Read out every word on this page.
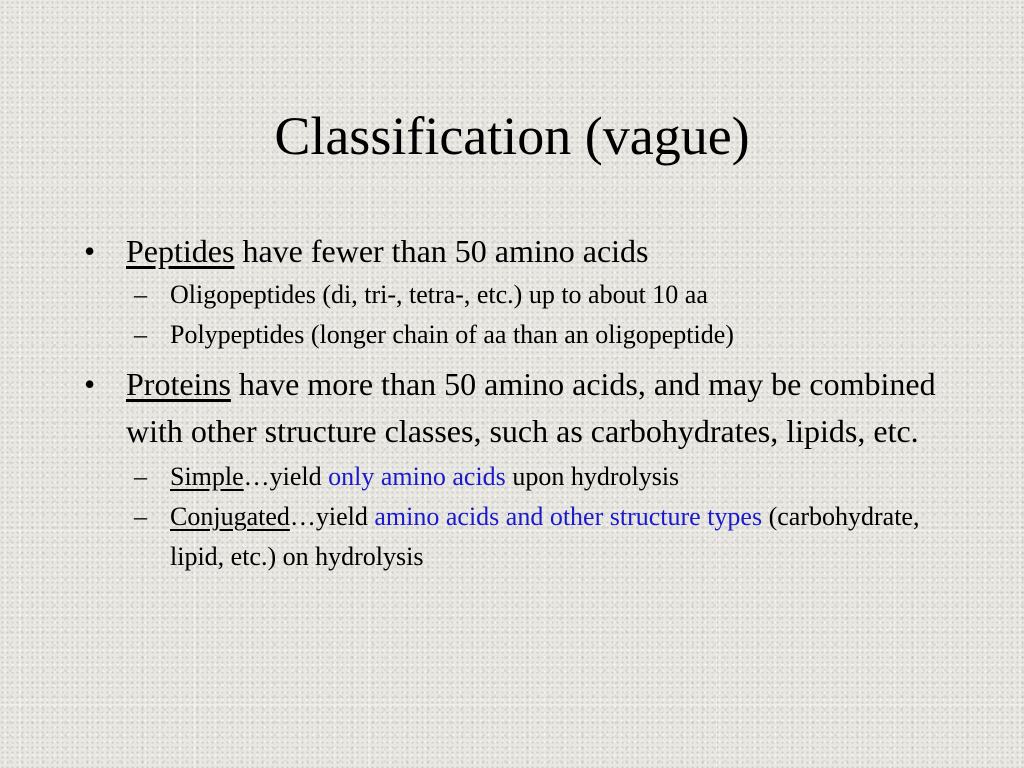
Classification (vague)
• Peptides have fewer than 50 amino acids
– Oligopeptides (di, tri-, tetra-, etc.) up to about 10 aa
– Polypeptides (longer chain of aa than an oligopeptide)
• Proteins have more than 50 amino acids, and may be combined with other structure classes, such as carbohydrates, lipids, etc.
– Simple…yield only amino acids upon hydrolysis
– Conjugated…yield amino acids and other structure types (carbohydrate, lipid, etc.) on hydrolysis
